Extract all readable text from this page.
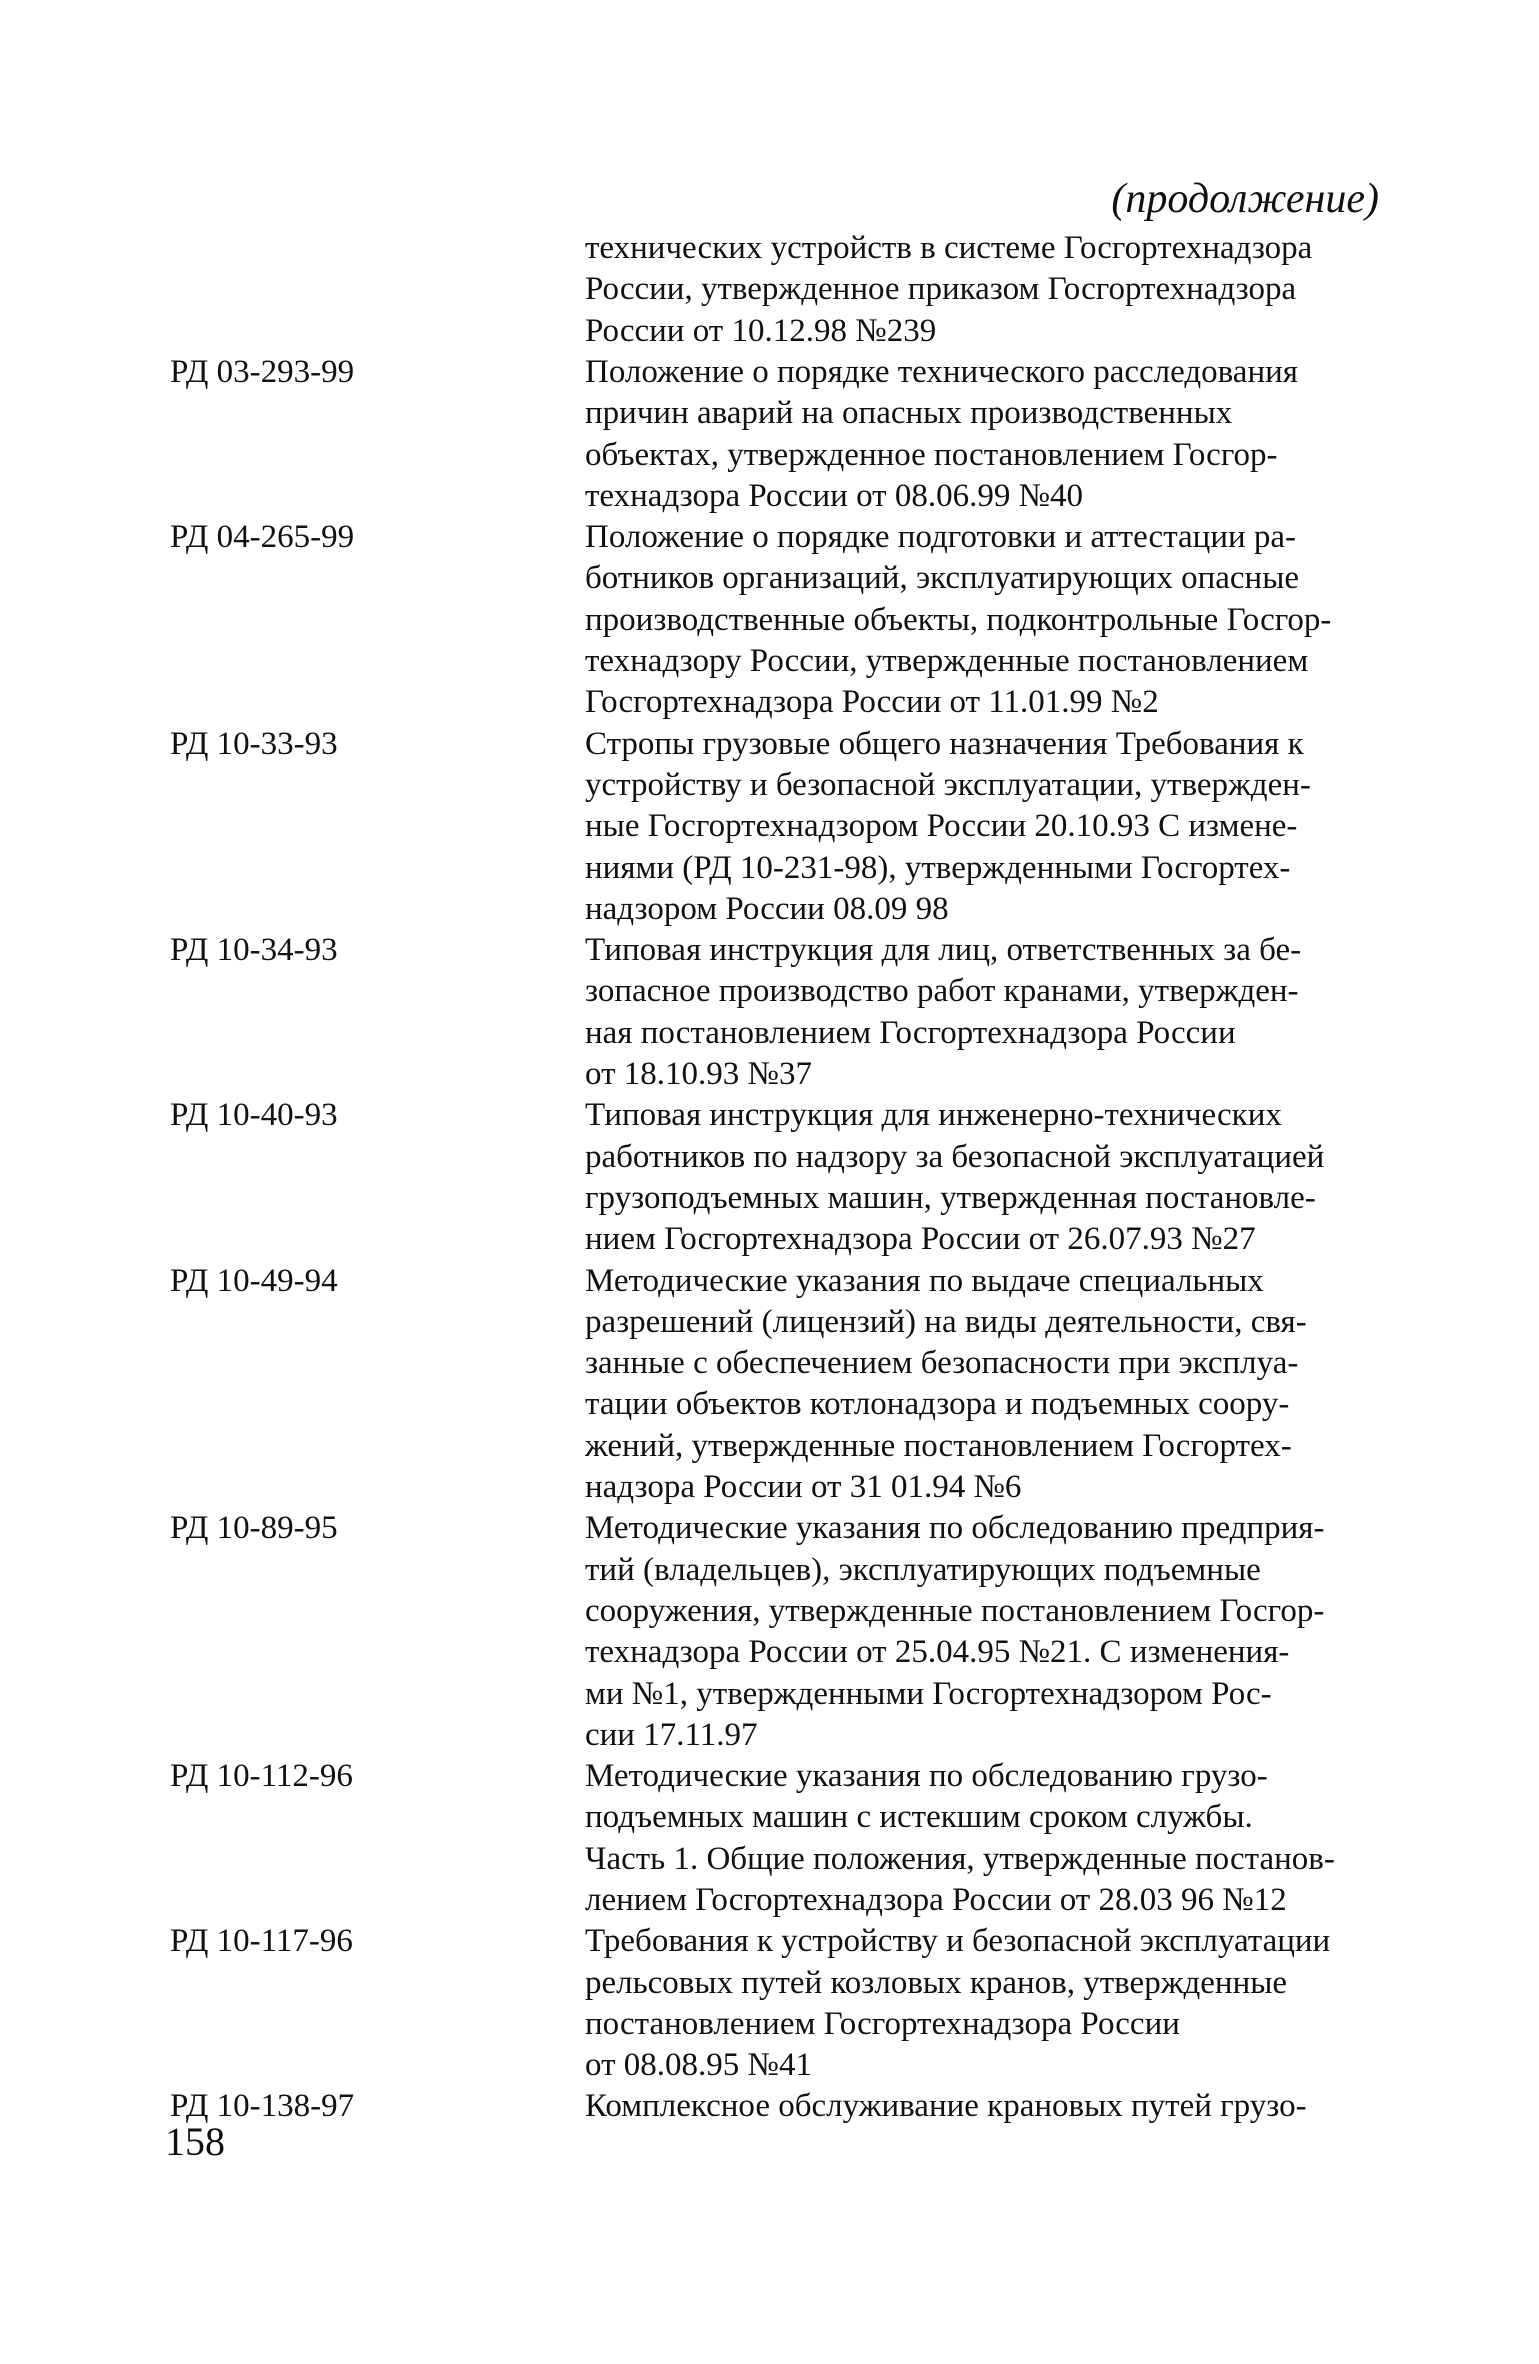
(продолжение)
технических устройств в системе Госгортехнадзора
России, утвержденное приказом Госгортехнадзора
России от 10.12.98 №239
РД 03-293-99	Положение о порядке технического расследования
причин аварий на опасных производственных
объектах, утвержденное постановлением Госгор-
технадзора России от 08.06.99 №40
РД 04-265-99	Положение о порядке подготовки и аттестации ра-
ботников организаций, эксплуатирующих опасные
производственные объекты, подконтрольные Госгор-
технадзору России, утвержденные постановлением
Госгортехнадзора России от 11.01.99 №2
РД 10-33-93	Стропы грузовые общего назначения Требования к
устройству и безопасной эксплуатации, утвержден-
ные Госгортехнадзором России 20.10.93 С измене-
ниями (РД 10-231-98), утвержденными Госгортех-
надзором России 08.09 98
РД 10-34-93	Типовая инструкция для лиц, ответственных за бе-
зопасное производство работ кранами, утвержден-
ная постановлением Госгортехнадзора России
от 18.10.93 №37
РД 10-40-93	Типовая инструкция для инженерно-технических
работников по надзору за безопасной эксплуатацией
грузоподъемных машин, утвержденная постановле-
нием Госгортехнадзора России от 26.07.93 №27
РД 10-49-94	Методические указания по выдаче специальных
разрешений (лицензий) на виды деятельности, свя-
занные с обеспечением безопасности при эксплуа-
тации объектов котлонадзора и подъемных соору-
жений, утвержденные постановлением Госгортех-
надзора России от 31 01.94 №6
РД 10-89-95	Методические указания по обследованию предприя-
тий (владельцев), эксплуатирующих подъемные
сооружения, утвержденные постановлением Госгор-
технадзора России от 25.04.95 №21. С изменения-
ми №1, утвержденными Госгортехнадзором Рос-
сии 17.11.97
РД 10-112-96	Методические указания по обследованию грузо-
подъемных машин с истекшим сроком службы.
Часть 1. Общие положения, утвержденные постанов-
лением Госгортехнадзора России от 28.03 96 №12
РД 10-117-96	Требования к устройству и безопасной эксплуатации
рельсовых путей козловых кранов, утвержденные
постановлением Госгортехнадзора России
от 08.08.95 №41
РД 10-138-97	Комплексное обслуживание крановых путей грузо-
158
